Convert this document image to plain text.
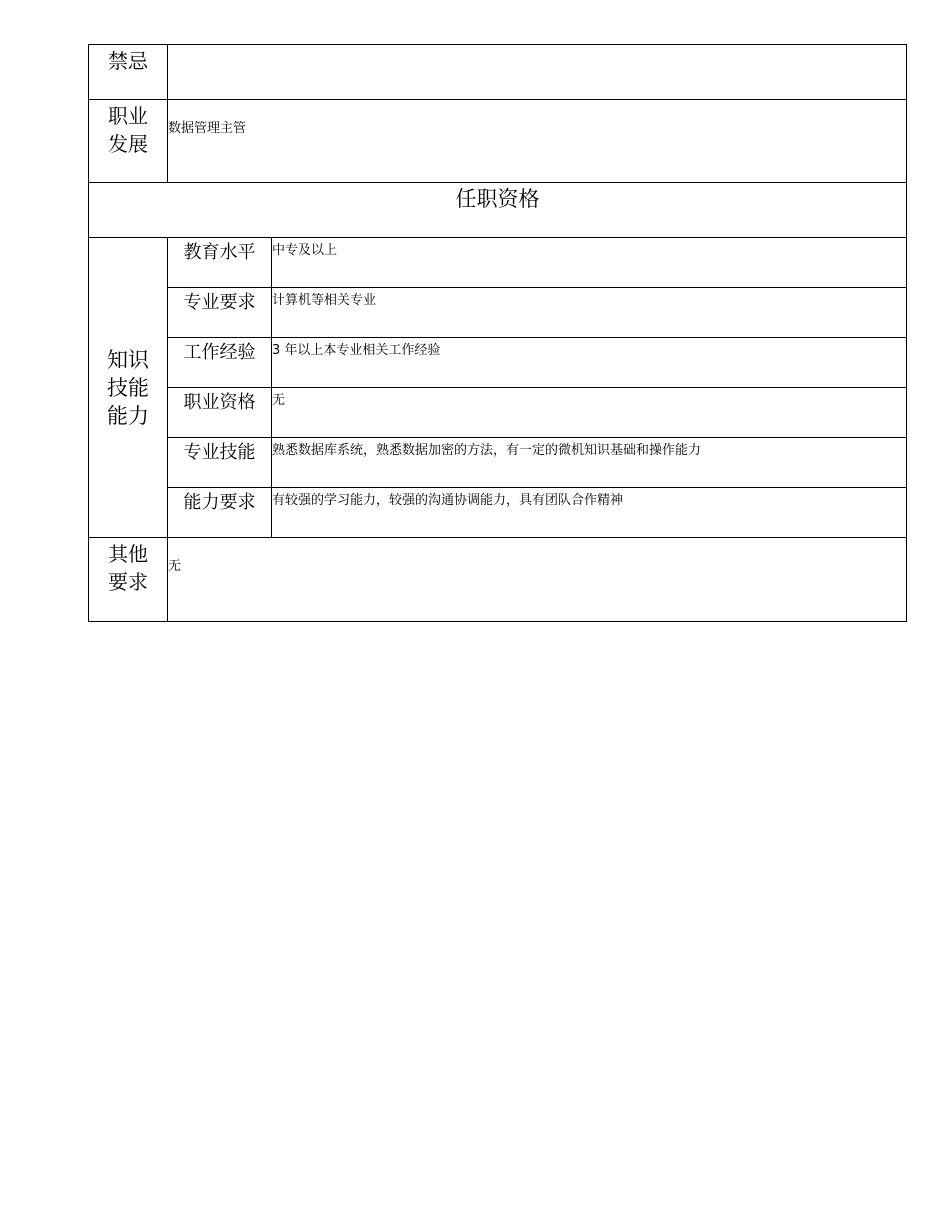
禁忌		

职业
发展	数据管理主管	
任职资格		

知识
技能
能力	教育水平	中专及以上
	专业要求	计算机等相关专业
	工作经验	3 年以上本专业相关工作经验
	职业资格	无
	专业技能	熟悉数据库系统，熟悉数据加密的方法，有一定的微机知识基础和操作能力
	能力要求	有较强的学习能力，较强的沟通协调能力，具有团队合作精神

其他
要求	无	
